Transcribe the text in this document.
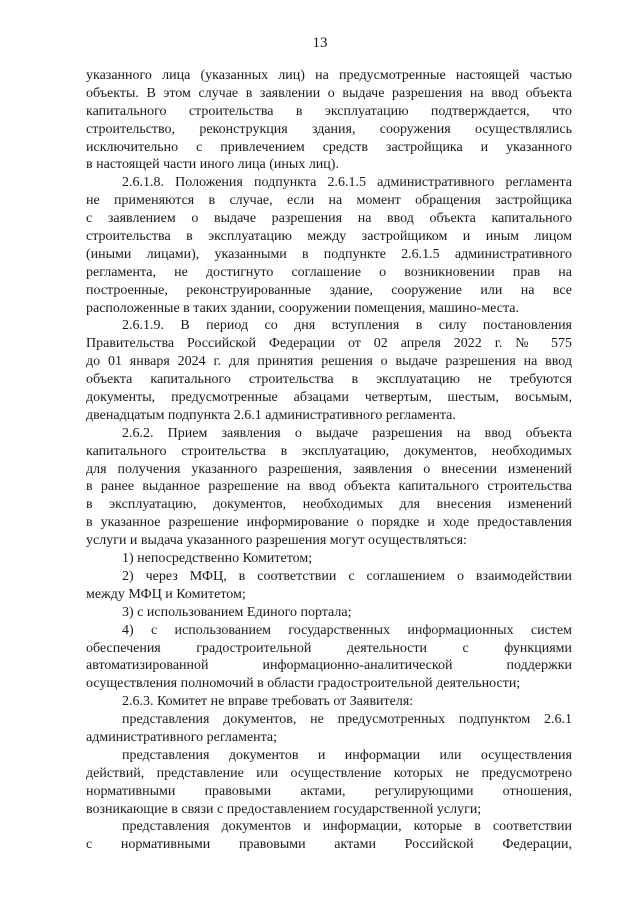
13
указанного лица (указанных лиц) на предусмотренные настоящей частью
объекты. В этом случае в заявлении о выдаче разрешения на ввод объекта
капитального строительства в эксплуатацию подтверждается, что
строительство, реконструкция здания, сооружения осуществлялись
исключительно с привлечением средств застройщика и указанного
в настоящей части иного лица (иных лиц).
2.6.1.8. Положения подпункта 2.6.1.5 административного регламента
не применяются в случае, если на момент обращения застройщика
с заявлением о выдаче разрешения на ввод объекта капитального
строительства в эксплуатацию между застройщиком и иным лицом
(иными лицами), указанными в подпункте 2.6.1.5 административного
регламента, не достигнуто соглашение о возникновении прав на
построенные, реконструированные здание, сооружение или на все
расположенные в таких здании, сооружении помещения, машино-места.
2.6.1.9. В период со дня вступления в силу постановления
Правительства Российской Федерации от 02 апреля 2022 г. № 575
до 01 января 2024 г. для принятия решения о выдаче разрешения на ввод
объекта капитального строительства в эксплуатацию не требуются
документы, предусмотренные абзацами четвертым, шестым, восьмым,
двенадцатым подпункта 2.6.1 административного регламента.
2.6.2. Прием заявления о выдаче разрешения на ввод объекта
капитального строительства в эксплуатацию, документов, необходимых
для получения указанного разрешения, заявления о внесении изменений
в ранее выданное разрешение на ввод объекта капитального строительства
в эксплуатацию, документов, необходимых для внесения изменений
в указанное разрешение информирование о порядке и ходе предоставления
услуги и выдача указанного разрешения могут осуществляться:
1) непосредственно Комитетом;
2) через МФЦ, в соответствии с соглашением о взаимодействии
между МФЦ и Комитетом;
3) с использованием Единого портала;
4) с использованием государственных информационных систем
обеспечения градостроительной деятельности с функциями
автоматизированной информационно-аналитической поддержки
осуществления полномочий в области градостроительной деятельности;
2.6.3. Комитет не вправе требовать от Заявителя:
представления документов, не предусмотренных подпунктом 2.6.1
административного регламента;
представления документов и информации или осуществления
действий, представление или осуществление которых не предусмотрено
нормативными правовыми актами, регулирующими отношения,
возникающие в связи с предоставлением государственной услуги;
представления документов и информации, которые в соответствии
с нормативными правовыми актами Российской Федерации,
